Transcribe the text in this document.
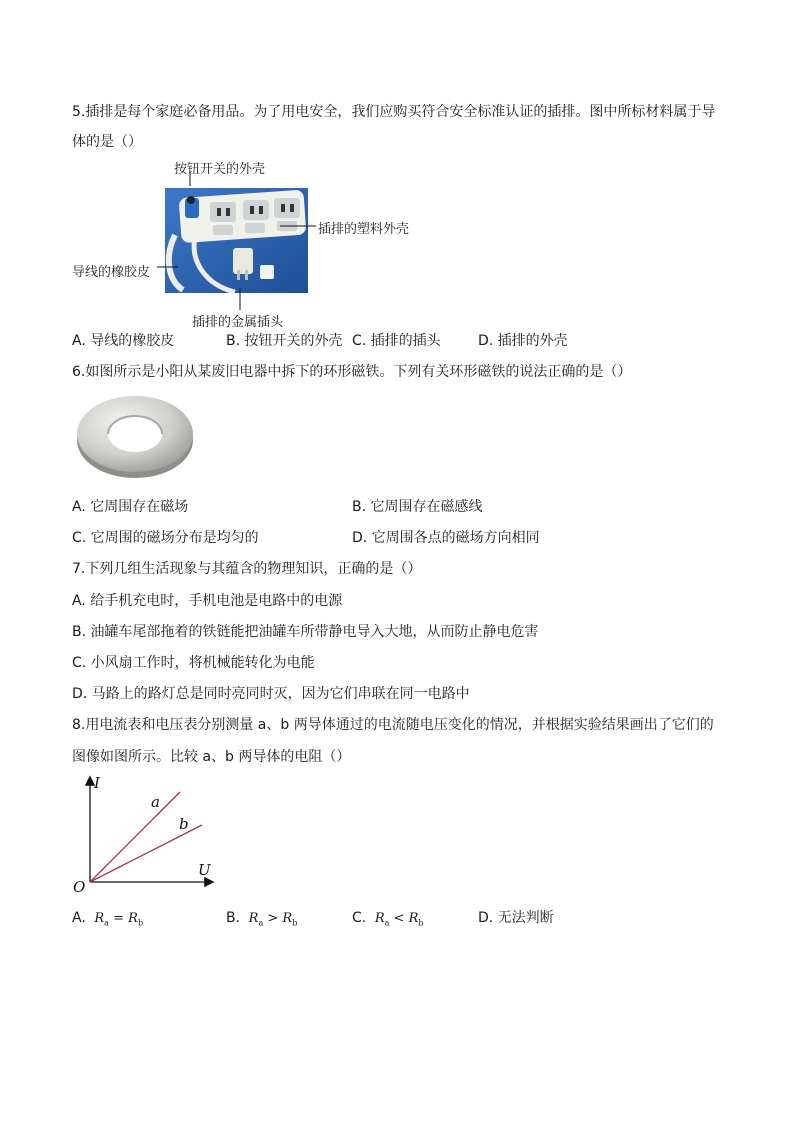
5.插排是每个家庭必备用品。为了用电安全，我们应购买符合安全标准认证的插排。图中所标材料属于导
体的是（）
按钮开关的外壳
插排的塑料外壳
导线的橡胶皮
插排的金属插头
A. 导线的橡胶皮	B. 按钮开关的外壳 C. 插排的插头	D. 插排的外壳
6.如图所示是小阳从某废旧电器中拆下的环形磁铁。下列有关环形磁铁的说法正确的是（）
A. 它周围存在磁场	B. 它周围存在磁感线
C. 它周围的磁场分布是均匀的	D. 它周围各点的磁场方向相同
7.下列几组生活现象与其蕴含的物理知识，正确的是（）
A. 给手机充电时，手机电池是电路中的电源
B. 油罐车尾部拖着的铁链能把油罐车所带静电导入大地，从而防止静电危害
C. 小风扇工作时，将机械能转化为电能
D. 马路上的路灯总是同时亮同时灭，因为它们串联在同一电路中
8.用电流表和电压表分别测量 a、b 两导体通过的电流随电压变化的情况，并根据实验结果画出了它们的
图像如图所示。比较 a、b 两导体的电阻（）
I
U
O
a
b
A. $R_a = R_b$	B. $R_a > R_b$	C. $R_a < R_b$	D. 无法判断
